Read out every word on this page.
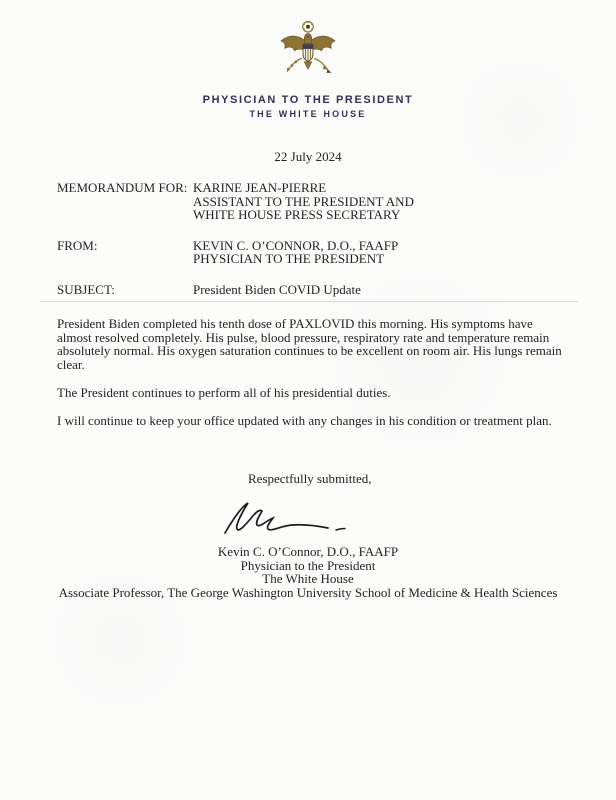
PHYSICIAN TO THE PRESIDENT
THE WHITE HOUSE
22 July 2024
MEMORANDUM FOR: KARINE JEAN-PIERRE
ASSISTANT TO THE PRESIDENT AND
WHITE HOUSE PRESS SECRETARY
FROM:	KEVIN C. O’CONNOR, D.O., FAAFP
PHYSICIAN TO THE PRESIDENT
SUBJECT:	President Biden COVID Update

President Biden completed his tenth dose of PAXLOVID this morning. His symptoms have almost resolved completely. His pulse, blood pressure, respiratory rate and temperature remain absolutely normal. His oxygen saturation continues to be excellent on room air. His lungs remain clear.

The President continues to perform all of his presidential duties.

I will continue to keep your office updated with any changes in his condition or treatment plan.

Respectfully submitted,
Kevin C. O’Connor, D.O., FAAFP
Physician to the President
The White House
Associate Professor, The George Washington University School of Medicine & Health Sciences
